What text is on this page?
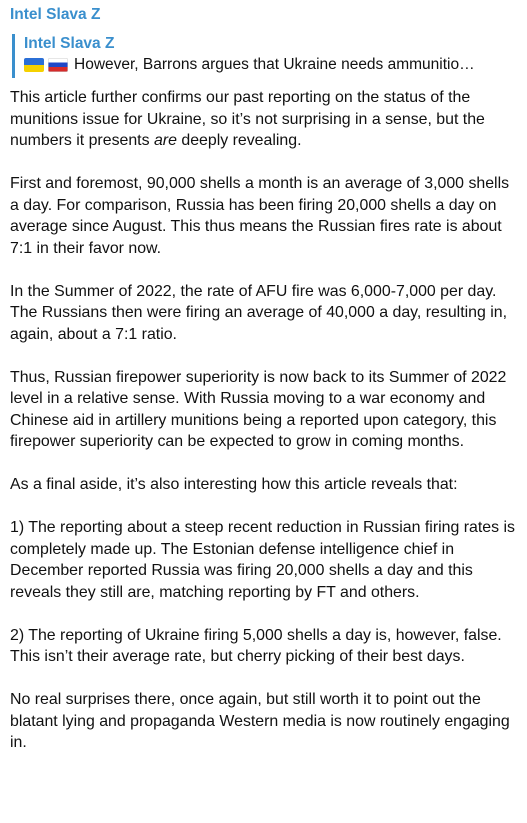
Intel Slava Z
Intel Slava Z
However, Barrons argues that Ukraine needs ammunitio…

This article further confirms our past reporting on the status of the munitions issue for Ukraine, so it’s not surprising in a sense, but the numbers it presents are deeply revealing.

First and foremost, 90,000 shells a month is an average of 3,000 shells a day. For comparison, Russia has been firing 20,000 shells a day on average since August. This thus means the Russian fires rate is about 7:1 in their favor now.

In the Summer of 2022, the rate of AFU fire was 6,000-7,000 per day. The Russians then were firing an average of 40,000 a day, resulting in, again, about a 7:1 ratio.

Thus, Russian firepower superiority is now back to its Summer of 2022 level in a relative sense. With Russia moving to a war economy and Chinese aid in artillery munitions being a reported upon category, this firepower superiority can be expected to grow in coming months.

As a final aside, it’s also interesting how this article reveals that:

1) The reporting about a steep recent reduction in Russian firing rates is completely made up. The Estonian defense intelligence chief in December reported Russia was firing 20,000 shells a day and this reveals they still are, matching reporting by FT and others.

2) The reporting of Ukraine firing 5,000 shells a day is, however, false. This isn’t their average rate, but cherry picking of their best days.

No real surprises there, once again, but still worth it to point out the blatant lying and propaganda Western media is now routinely engaging in.
